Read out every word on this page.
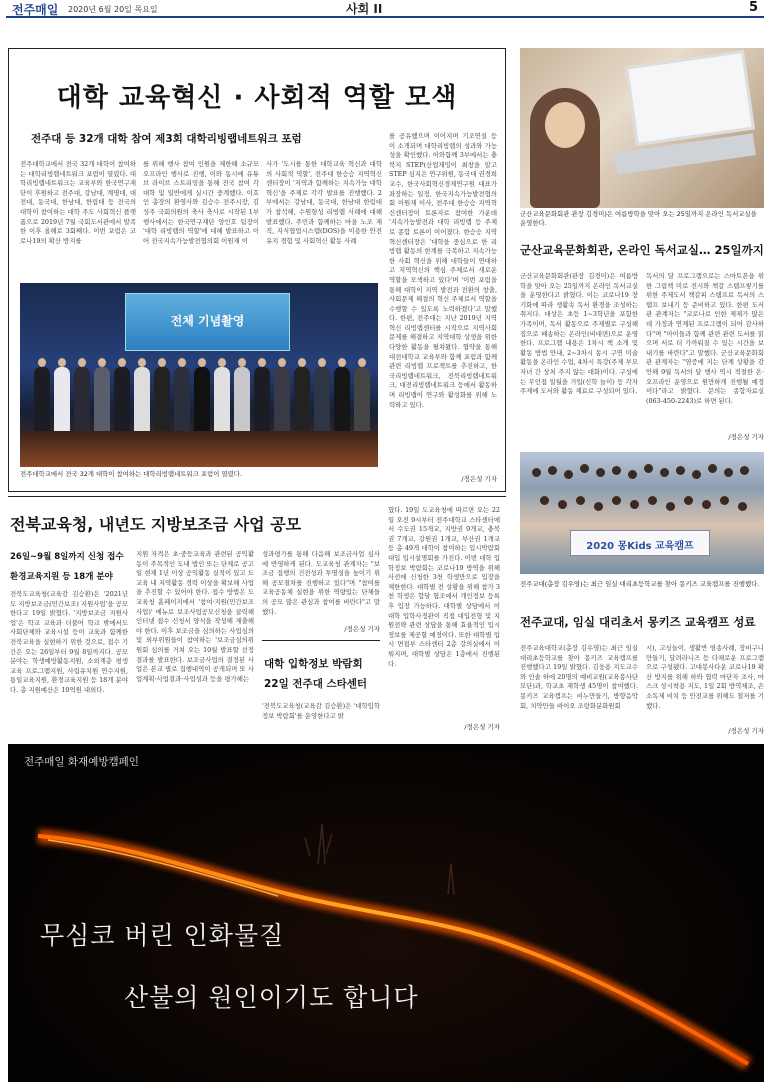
전주매일 2020년 6월 20일 목요일	사회 II	5
대학 교육혁신 · 사회적 역할 모색
전주대 등 32개 대학 참여 제3회 대학리빙랩네트워크 포럼
전주대학교에서 전국 32개 대학이 참여하는 대학리빙랩네트워크 포럼이 열렸다. 대학리빙랩네트워크는 교육부와 한국연구재단이 후원하고 전주대, 강남대, 계명대, 대전대, 동국대, 한남대, 한림대 등 전국의 대학이 참여하는 대학 주도 사회혁신 플랫폼으로 2019년 7월 국회도서관에서 발족한 이후 올해로 3회째다. 이번 포럼은 코로나19의 확산 방지를
를 위해 행사 참여 인원을 제한해 소규모 오프라인 행사로 진행, 이와 동시에 유튜브 라이브 스트리밍을 통해 전국 참여 각 대학 및 일반에게 실시간 중계했다. 이호인 총장의 환영사와 김승수 전주시장, 김성주 국회의원의 축사 축사로 시작된 1부 행사에서는 한국연구재단 양인호 팀장이 '대학 리빙랩의 역할'에 대해 발표하고 이어 전국지속가능발전협의회 이원재 이
사가 '도시를 통한 대학교육 혁신과 대학의 사회적 역할', 전주대 한승승 지역혁신센터장이 '지역과 함께하는 지속가능 대학혁신'을 주제로 각각 발표를 진행했다. 2부에서는 강남대, 동국대, 한남대 한림대가 참석해, 수원형성 리빙랩 사례에 대해 발표했다. 주민과 함께하는 마을 노조 재직, 지식협업시스템(DOS)을 이용한 안전 유지 경험 및 사회혁신 활동 사례
를 공유했으며 이어지며 기조연설 등 이 소개되며 대학리빙랩의 성과와 가능성을 확인했다. 이와함께 3부에서는 충북지 STEP(산업재밍이 최창을 알고 STEP 심지은 연구위원, 동국대 권경희 교수, 한국사회혁신경제연구원 대표가 좌장하는 일정, 한국지속가능발전협의회 이원재 이사, 전주대 한승승 지역혁신센터장이 토론자로 참여한 가운데 '지속가능발전과 대학 리빙랩 등 주제로 종합 토론이 이어졌다. 한승승 지역혁신센터장은 '대학을 중심으로 한 리빙랩 활동의 한계를 극복하고 지속가능한 사회 혁신을 위해 대학들이 연대하고 지역혁신의 핵심 주체로서 새로운 역할을 모색하고 있다'며 '이번 포럼을 통해 대학이 지역 발전과 전환의 창출, 사회문제 해결의 혁신 주체로서 역할을 수행할 수 있도록 노력하겠다'고 말했다. 한편, 전주대는 지난 2019년 지역혁신 리빙랩센터를 시작으로 지역사회 문제를 해결하고 지역대학 상생을 위한 다양한 활동을 펼쳐왔다. 협약을 통해 대전대학교 교육부와 함께 포럼과 함께 관련 리빙랩 프로젝트를 추진하고, 한국리빙랩네트워크, 전북리빙랩네트워크, 대전리빙랩네트워크 등에서 활동하며 리빙랩이 연구와 활성화를 위해 노력하고 있다.
/정은성 기자
전체 기념촬영
전주대학교에서 전국 32개 대학이 참여하는 대학리빙랩네트워크 포럼이 열렸다.
군산교육문화회관 관장 김경미)은 여름방학을 맞아 오는 25일까지 온라인 독서교실을 운영한다.
군산교육문화회관, 온라인 독서교실… 25일까지
군산교육문화회관(관장 김경미)은 여름방학을 맞아 오는 25일까지 온라인 독서교실을 운영한다고 밝혔다. 이는 코로나19 장기화에 따라 생활속 독서 환경을 조성하는 취지다. 대상은 초등 1~3학년을 포함한 가족이며, 독서 활동으로 주제별로 구성해 집으로 배송하는 온라인(비대면)으로 운영한다. 프로그램 내용은 1차시 책 소개 및 활동 방법 안내, 2~3차시 동시 구연 미술 활동을 온라인 수업, 4차시 특강(주제 부모 자녀 간 상처 주지 않는 대화)이다. 구성에는 무인접 일월을 가입(신학 놀이) 등 각자 주제에 도서와 활동 재료로 구성되어 있다.
독서의 달 프로그램으로는 스마트폰을 위한 그림책 미로 전시와 책갈 스탬프쌓기를 위한 주제도서 책갈피 스탬프로 독서의 스탬프 보내기 등 준비하고 있다. 한편 도서관 관계자는 "코로나로 인한 제재가 많은데 가정과 연계된 프로그램이 되어 감사하다"며 "아이들과 함께 관련 관련 도서를 읽으며 서로 더 가까워질 수 있는 시간을 보내기를 바란다"고 말했다. 군산교육문화회관 관계자는 "염증에 지는 단계 상황을 감안해 9월 독서의 달 행사 역시 적절한 온·오프라인 운영으로 원만하게 진행될 예정이다"라고 밝혔다. 문의는 종합자료실(063-450-2243)로 하면 된다.
/정은성 기자
전북교육청, 내년도 지방보조금 사업 공모
26일~9월 8일까지 신청 접수
환경교육지원 등 18개 분야
전북도교육청(교육감 김승환)은 '2021년도 지방보조금(민간보조) 지원사업'을 공모한다고 19일 밝혔다. '지방보조금 지원사업'은 학교 교육과 더불어 학교 밖에서도 사회단체와 교육시설 등이 교육과 함께한 전북교육을 실현하기 위한 것으로, 접수 기간은 오는 26일부터 9월 8일까지다. 공모분야는 학생예방활동지원, 소외계층 평생교육 프로그램지원, 사립유치원 연수지원, 통일교육지원, 환경교육지원 등 18개 분야다. 총 지원예산은 10억원 내외다.
지원 자격은 초·중등교육과 관련된 공익활동이 주목적인 도내 법인 또는 단체로 공고일 현재 1년 이상 공익활동 실적이 있고 도교육 내 지역활동 경력 이상을 확보해 사업을 추진할 수 있어야 한다. 접수 방법은 도교육청 홈페이지에서 '참여·지원(민간보조사업)' 메뉴로 보조사업공모신청을 클릭해 인터넷 접수 신청서 양식을 작성해 제출해야 한다. 이후 보조금을 심의하는 사업심의및 외부위원들이 참여하는 '보조금심의위원회 심의를 거쳐 오는 10월 발표할 선정 결과를 발표한다. 보조금사업의 결정된 사업은 본교 별로 집행내역이 공개되며 또 사업계획·사업결과·사업성과 등을 평가해는
성과평가를 통해 다음해 보조금사업 심사에 반영하게 된다. 도교육청 관계자는 "보조금 집행의 건전성과 투명성을 높이기 위해 공모절차를 진행하고 있다"며 "참여를 교육공동체 실현을 위한 역량있는 단체들의 공모 많은 관심과 참여를 바란다"고 말했다.
/정은성 기자
대학 입학정보 박람회
22일 전주대 스타센터
'전북도교육청(교육감 김승환)은 '대학입학정보 박람회'를 운영한다고 밝
혔다. 19일 도교육청에 따르면 오는 22일 오전 9시부터 전주대학교 스타센터에서 수도권 15개교, 지방권 9개교, 충북권 7개교, 강원권 1개교, 부산권 1개교 등 총 49개 대학이 참여하는 입시박람회 대입 입시설명회를 가진다. 이번 대학 입학정보 박람회는 코로나19 방역을 위해 사전에 신청한 3천 학생만으로 입장을 제한한다. 대학별 전 상황을 위해 참가 3천 학생은 합당 협조에서 개인정보 등록 후 입장 가능하다. 대학별 상담에서 이 대학 입학사정관이 직접 대입전형 및 지원전략 관련 상담을 통해 효율적인 입시 정보를 제공할 예정이다. 또한 대학별 입시 면접부 스타센터 2층 강의실에서 이뤄지며, 대학별 상담은 1층에서 진행된다.
/정은성 기자
2020 몽Kids 교육캠프
전주교대(총장 김우영)는 최근 임실 대리초등학교를 찾아 몽키즈 교육캠프를 진행했다.
전주교대, 임실 대리초서 몽키즈 교육캠프 성료
전주교육대학교(총장 김우영)는 최근 임실 대리초등학교를 찾아 몽키즈 교육캠프를 진행했다고 19일 밝혔다. 김웅용 지도교수와 인솔 하에 20명의 예비교원(교육봉사단 모단)과, 학교초 재학생 45명이 참여했다. 몽키즈 교육캠프는 비누만들기, 방향음악회, 치약만들 바이오 조랑화분화원회
시), 고싱놀이, 생활반 염송사례, 장비구니 만들기, 달려라니즈 등 다채로운 프로그램으로 구성됐다. 고대봉사다운 코로나19 확산 방지를 위해 하와 협력 마단자 조사, 마스크 상시착용 지도, 1일 2회 방역체조, 손소독제 비치 등 안전교를 위해도 철저를 기했다.
/정은성 기자
전주매일 화재예방캠페인
무심코 버린 인화물질
산불의 원인이기도 합니다
